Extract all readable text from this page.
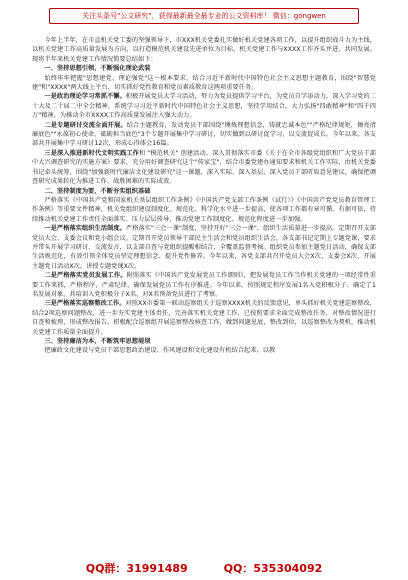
关注头条号"公文研究"，获得最新最全最专业的公文资料库！ 微信：gongwen

今年上半年，在市直机关党工委的坚强领导下，市XXX机关党委扎实做好机关党建各项工作，以提升组织战斗力为主线，以机关党建工作高质量发展为方向，以打造模范机关建设先进单位为目标，机关党建工作与XXXX工作齐头并进、共同发展。现将半年来机关党建工作情况简要总结如下：

一、坚持思想引领，不断强化理论武装

始终牢牢把握"思想建党、理论强党"这一根本要求，结合习近平新时代中国特色社会主义思想主题教育，围绕"智慧党建"和"XXXX"两大线上平台，切实抓好党性教育和党员素质教育这两项重要任务。

一是政治理论学习常抓不懈。积极开展党员大学习活动，努力为党员提供学习平台，为党员自学添动力。深入学习党的二十大及二十届二中全会精神，系统学习习近平新时代中国特色社会主义思想，坚持学用结合，大力弘扬"四敢精神"和"四千四万"精神，为推动全市XXXX工作高质量发展注入强大动力。

二是专题研讨交流全面开展。结合主题教育，发动党员干部围绕"锤炼理想信念，铸就忠诚本色""严格纪律规矩，擦亮清廉底色""永葆初心使命，砥砺担当底色"3个专题开展集中学习研讨，切实做到以研讨促学习、以交流促成长。今年以来，各支部共开展集中学习研讨12次，形成心得体会16篇。

三是深入推进新时代文明实践工作和 "模范机关" 创建活动。深入贯彻落实市委《关于在全市各级党组织和广大党员干部中大兴调查研究的实施方案》要求，充分用好调查研究这个"传家宝"，结合市委党建办通知要求和机关工作实际，由机关党委书记牵头统筹，围绕"加强新时代廉洁文化建设研究"这一课题，深入实际、深入基层、深入党员干部听取意见建议，确保把调查研究成果转化为推进工作、战胜困难的实际成效。

二、坚持制度为要，不断夯实组织基础

严格落实《中国共产党和国家机关基层组织工作条例》《中国共产党支部工作条例（试行）》《中国共产党党员教育管理工作条例》等重要文件精神，机关党组织建设制度化、规范化、科学化水平进一步提高，使各项工作都有章可循、有据可依，持续推动机关党建工作责任全面落实、压力层层传导，推动党建工作制度化、规范化程度进一步加强。

一是严格落实组织生活制度。严格落实"三会一课"制度，坚持开好"三会一课"，组织生活质量进一步提高。定期召开支部党员大会、支委会议和党小组会议，定期召开党员领导干部民主生活会和党员组织生活会，各支部书记定期上专题党课，要求并带头开展学习研讨、交流发言，以支部自查与党组织提醒相结合，全覆盖监督考核。组织党员参加主题党日活动，确保支部生活规范化，有效引领全体党员坚定理想信念、提升党性修养。今年以来，各党支部共召开党员大会X次、支委会X次，开展主题党日活动X次，讲授专题党课X次。

二是严格落实党员发展工作。附照落实《中国共产党发展党员工作细则》，把发展党员工作当作机关党建的一项经常性重要工作来抓，严格程序，严肃纪律，确保发展党员工作有序推进。今年以来，按照规定程序发展1名入党积极分子、确定了1名发展对象，共培训入党积极分子X名，对X名预备党员进行了考察。

三是严格落实巡察整改工作。对照XX市委第一联动巡察组关于巡察XXXX机关的反馈意见，单头抓好机关党建巡察整改，结合2项巡察问题整改，进一步夯实党建主体责任，完善落实机关党建工作，已按照要求全面完成整改任务，对整改情况进行自查和梳理，形成整改报告。积极配合巡察组开展巡察整改核查工作，做到问题见底，整改到位，以巡察整改为契机，推动机关党建工作质量全面提升。

三、坚持廉洁为本，不断筑牢思想堤坝

把廉政文化建设与党员干部思想政治建设、作风建设和文化建设有机结合起来，以教

QQ群：31991489	QQ：535304092
